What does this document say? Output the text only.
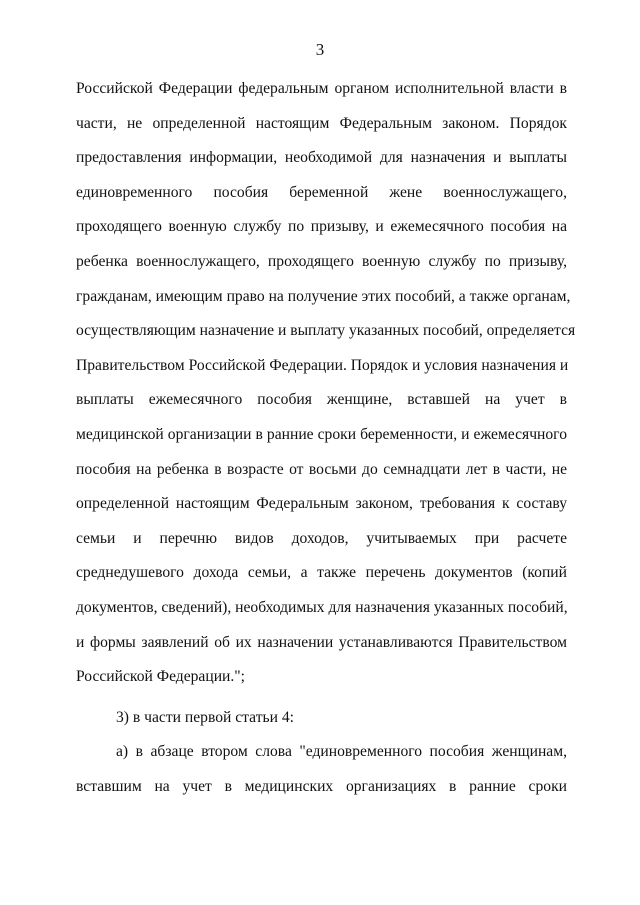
3
Российской Федерации федеральным органом исполнительной власти в
части, не определенной настоящим Федеральным законом. Порядок
предоставления информации, необходимой для назначения и выплаты
единовременного пособия беременной жене военнослужащего,
проходящего военную службу по призыву, и ежемесячного пособия на
ребенка военнослужащего, проходящего военную службу по призыву,
гражданам, имеющим право на получение этих пособий, а также органам,
осуществляющим назначение и выплату указанных пособий, определяется
Правительством Российской Федерации. Порядок и условия назначения и
выплаты ежемесячного пособия женщине, вставшей на учет в
медицинской организации в ранние сроки беременности, и ежемесячного
пособия на ребенка в возрасте от восьми до семнадцати лет в части, не
определенной настоящим Федеральным законом, требования к составу
семьи и перечню видов доходов, учитываемых при расчете
среднедушевого дохода семьи, а также перечень документов (копий
документов, сведений), необходимых для назначения указанных пособий,
и формы заявлений об их назначении устанавливаются Правительством
Российской Федерации.";
3) в части первой статьи 4:
а) в абзаце втором слова "единовременного пособия женщинам,
вставшим на учет в медицинских организациях в ранние сроки
